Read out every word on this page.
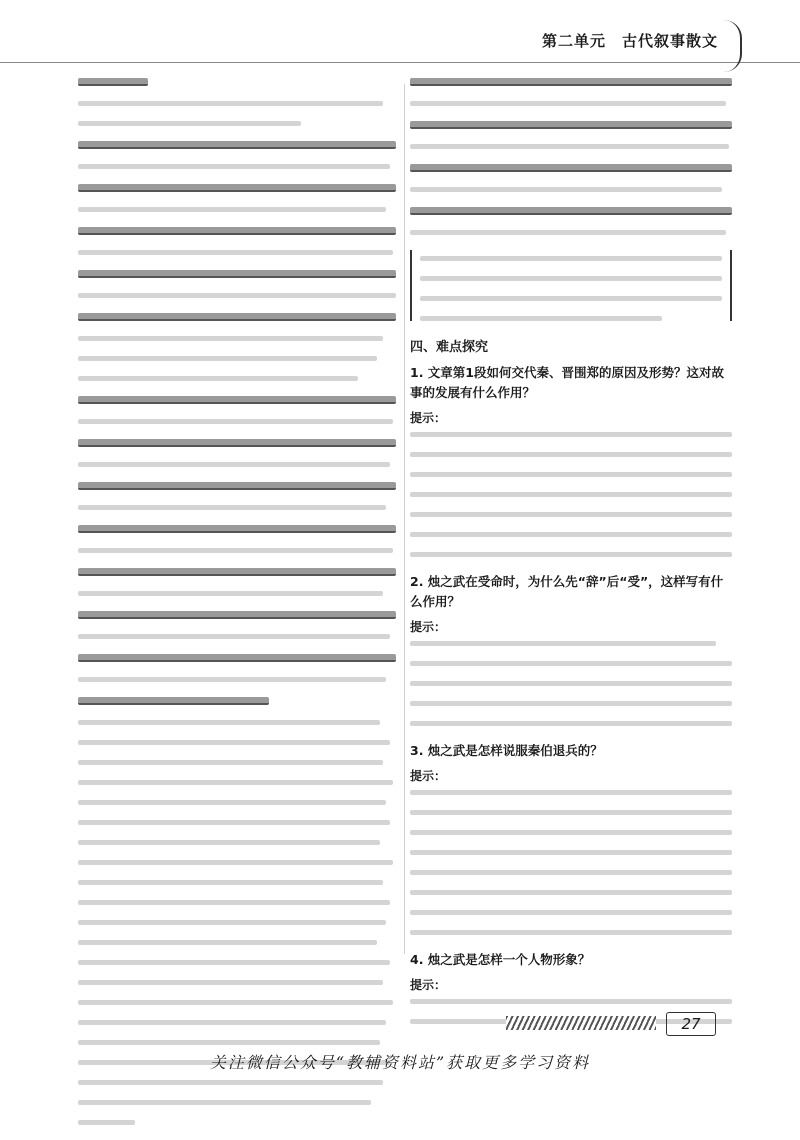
第二单元　古代叙事散文
四、难点探究
1. 文章第1段如何交代秦、晋围郑的原因及形势？这对故事的发展有什么作用？
提示：
2. 烛之武在受命时，为什么先“辞”后“受”，这样写有什么作用？
提示：
3. 烛之武是怎样说服秦伯退兵的？
提示：
4. 烛之武是怎样一个人物形象？
提示：
27
关注微信公众号“教辅资料站”获取更多学习资料
